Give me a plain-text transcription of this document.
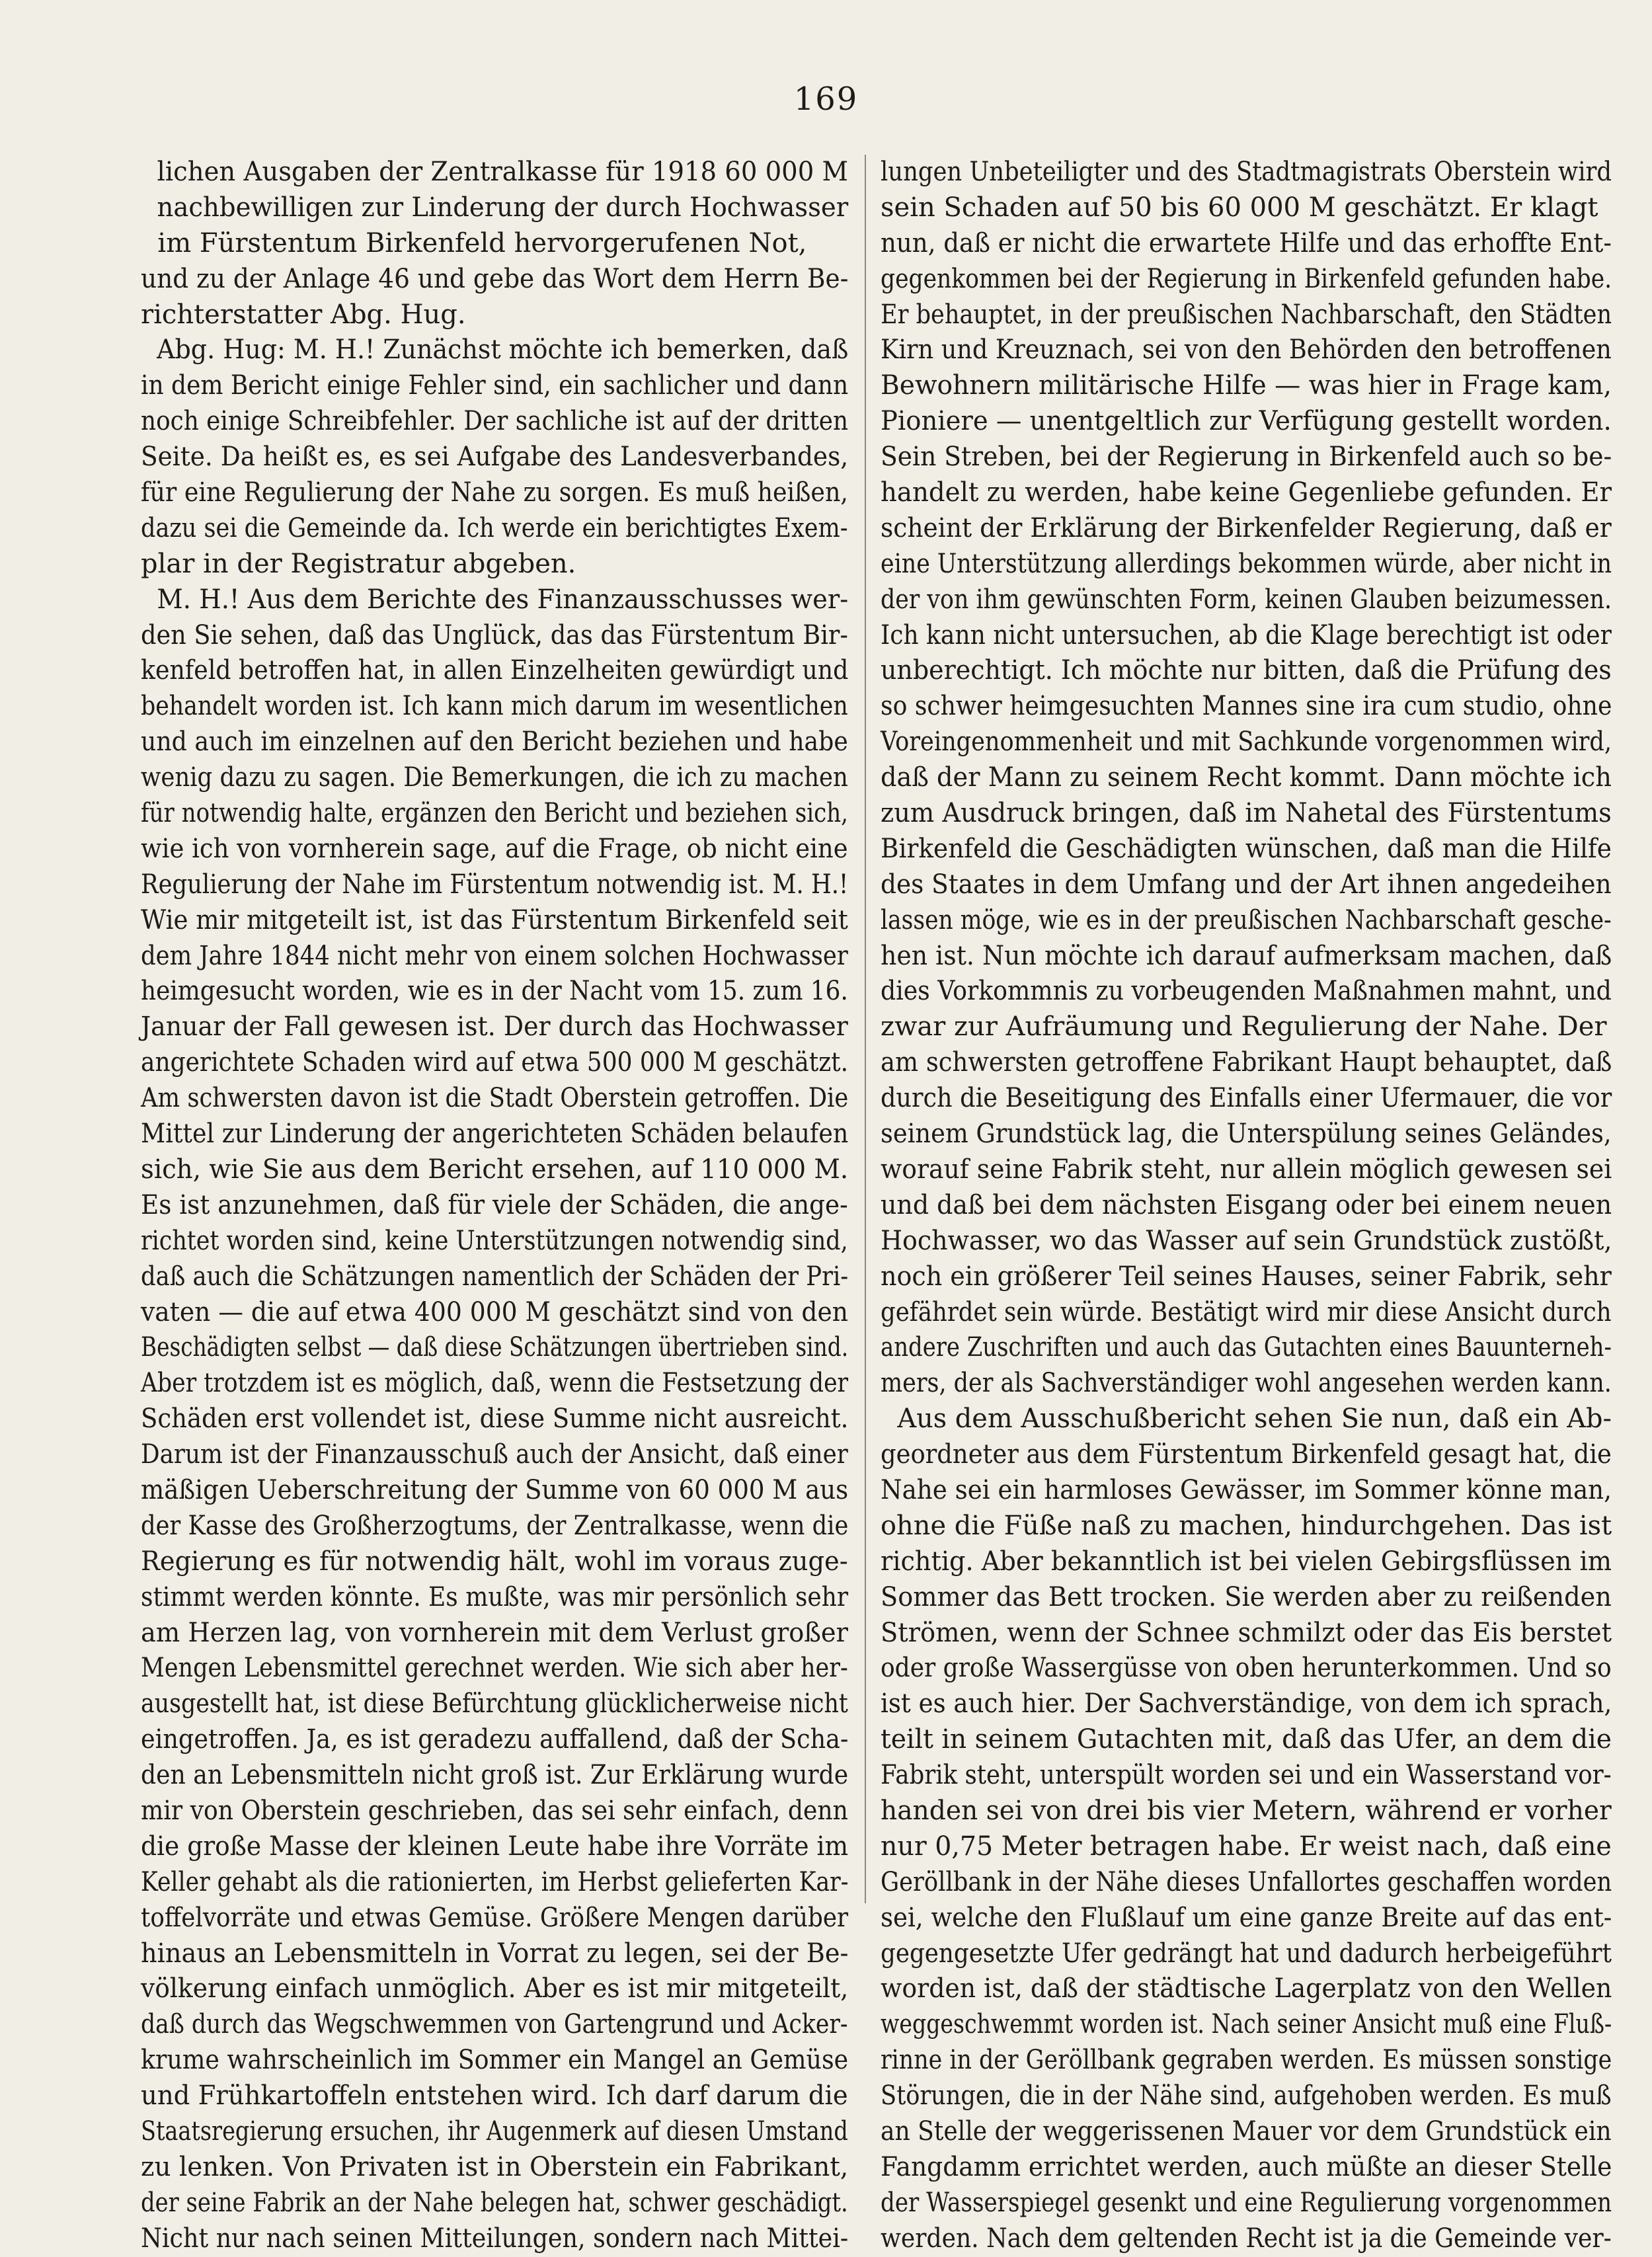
169
lichen Ausgaben der Zentralkasse für 1918 60 000 M
nachbewilligen zur Linderung der durch Hochwasser
im Fürstentum Birkenfeld hervorgerufenen Not,
und zu der Anlage 46 und gebe das Wort dem Herrn Be-
richterstatter Abg. Hug.
Abg. Hug: M. H.! Zunächst möchte ich bemerken, daß
in dem Bericht einige Fehler sind, ein sachlicher und dann
noch einige Schreibfehler. Der sachliche ist auf der dritten
Seite. Da heißt es, es sei Aufgabe des Landesverbandes,
für eine Regulierung der Nahe zu sorgen. Es muß heißen,
dazu sei die Gemeinde da. Ich werde ein berichtigtes Exem-
plar in der Registratur abgeben.
M. H.! Aus dem Berichte des Finanzausschusses wer-
den Sie sehen, daß das Unglück, das das Fürstentum Bir-
kenfeld betroffen hat, in allen Einzelheiten gewürdigt und
behandelt worden ist. Ich kann mich darum im wesentlichen
und auch im einzelnen auf den Bericht beziehen und habe
wenig dazu zu sagen. Die Bemerkungen, die ich zu machen
für notwendig halte, ergänzen den Bericht und beziehen sich,
wie ich von vornherein sage, auf die Frage, ob nicht eine
Regulierung der Nahe im Fürstentum notwendig ist. M. H.!
Wie mir mitgeteilt ist, ist das Fürstentum Birkenfeld seit
dem Jahre 1844 nicht mehr von einem solchen Hochwasser
heimgesucht worden, wie es in der Nacht vom 15. zum 16.
Januar der Fall gewesen ist. Der durch das Hochwasser
angerichtete Schaden wird auf etwa 500 000 M geschätzt.
Am schwersten davon ist die Stadt Oberstein getroffen. Die
Mittel zur Linderung der angerichteten Schäden belaufen
sich, wie Sie aus dem Bericht ersehen, auf 110 000 M.
Es ist anzunehmen, daß für viele der Schäden, die ange-
richtet worden sind, keine Unterstützungen notwendig sind,
daß auch die Schätzungen namentlich der Schäden der Pri-
vaten — die auf etwa 400 000 M geschätzt sind von den
Beschädigten selbst — daß diese Schätzungen übertrieben sind.
Aber trotzdem ist es möglich, daß, wenn die Festsetzung der
Schäden erst vollendet ist, diese Summe nicht ausreicht.
Darum ist der Finanzausschuß auch der Ansicht, daß einer
mäßigen Ueberschreitung der Summe von 60 000 M aus
der Kasse des Großherzogtums, der Zentralkasse, wenn die
Regierung es für notwendig hält, wohl im voraus zuge-
stimmt werden könnte. Es mußte, was mir persönlich sehr
am Herzen lag, von vornherein mit dem Verlust großer
Mengen Lebensmittel gerechnet werden. Wie sich aber her-
ausgestellt hat, ist diese Befürchtung glücklicherweise nicht
eingetroffen. Ja, es ist geradezu auffallend, daß der Scha-
den an Lebensmitteln nicht groß ist. Zur Erklärung wurde
mir von Oberstein geschrieben, das sei sehr einfach, denn
die große Masse der kleinen Leute habe ihre Vorräte im
Keller gehabt als die rationierten, im Herbst gelieferten Kar-
toffelvorräte und etwas Gemüse. Größere Mengen darüber
hinaus an Lebensmitteln in Vorrat zu legen, sei der Be-
völkerung einfach unmöglich. Aber es ist mir mitgeteilt,
daß durch das Wegschwemmen von Gartengrund und Acker-
krume wahrscheinlich im Sommer ein Mangel an Gemüse
und Frühkartoffeln entstehen wird. Ich darf darum die
Staatsregierung ersuchen, ihr Augenmerk auf diesen Umstand
zu lenken. Von Privaten ist in Oberstein ein Fabrikant,
der seine Fabrik an der Nahe belegen hat, schwer geschädigt.
Nicht nur nach seinen Mitteilungen, sondern nach Mittei-
lungen Unbeteiligter und des Stadtmagistrats Oberstein wird
sein Schaden auf 50 bis 60 000 M geschätzt. Er klagt
nun, daß er nicht die erwartete Hilfe und das erhoffte Ent-
gegenkommen bei der Regierung in Birkenfeld gefunden habe.
Er behauptet, in der preußischen Nachbarschaft, den Städten
Kirn und Kreuznach, sei von den Behörden den betroffenen
Bewohnern militärische Hilfe — was hier in Frage kam,
Pioniere — unentgeltlich zur Verfügung gestellt worden.
Sein Streben, bei der Regierung in Birkenfeld auch so be-
handelt zu werden, habe keine Gegenliebe gefunden. Er
scheint der Erklärung der Birkenfelder Regierung, daß er
eine Unterstützung allerdings bekommen würde, aber nicht in
der von ihm gewünschten Form, keinen Glauben beizumessen.
Ich kann nicht untersuchen, ab die Klage berechtigt ist oder
unberechtigt. Ich möchte nur bitten, daß die Prüfung des
so schwer heimgesuchten Mannes sine ira cum studio, ohne
Voreingenommenheit und mit Sachkunde vorgenommen wird,
daß der Mann zu seinem Recht kommt. Dann möchte ich
zum Ausdruck bringen, daß im Nahetal des Fürstentums
Birkenfeld die Geschädigten wünschen, daß man die Hilfe
des Staates in dem Umfang und der Art ihnen angedeihen
lassen möge, wie es in der preußischen Nachbarschaft gesche-
hen ist. Nun möchte ich darauf aufmerksam machen, daß
dies Vorkommnis zu vorbeugenden Maßnahmen mahnt, und
zwar zur Aufräumung und Regulierung der Nahe. Der
am schwersten getroffene Fabrikant Haupt behauptet, daß
durch die Beseitigung des Einfalls einer Ufermauer, die vor
seinem Grundstück lag, die Unterspülung seines Geländes,
worauf seine Fabrik steht, nur allein möglich gewesen sei
und daß bei dem nächsten Eisgang oder bei einem neuen
Hochwasser, wo das Wasser auf sein Grundstück zustößt,
noch ein größerer Teil seines Hauses, seiner Fabrik, sehr
gefährdet sein würde. Bestätigt wird mir diese Ansicht durch
andere Zuschriften und auch das Gutachten eines Bauunterneh-
mers, der als Sachverständiger wohl angesehen werden kann.
Aus dem Ausschußbericht sehen Sie nun, daß ein Ab-
geordneter aus dem Fürstentum Birkenfeld gesagt hat, die
Nahe sei ein harmloses Gewässer, im Sommer könne man,
ohne die Füße naß zu machen, hindurchgehen. Das ist
richtig. Aber bekanntlich ist bei vielen Gebirgsflüssen im
Sommer das Bett trocken. Sie werden aber zu reißenden
Strömen, wenn der Schnee schmilzt oder das Eis berstet
oder große Wassergüsse von oben herunterkommen. Und so
ist es auch hier. Der Sachverständige, von dem ich sprach,
teilt in seinem Gutachten mit, daß das Ufer, an dem die
Fabrik steht, unterspült worden sei und ein Wasserstand vor-
handen sei von drei bis vier Metern, während er vorher
nur 0,75 Meter betragen habe. Er weist nach, daß eine
Geröllbank in der Nähe dieses Unfallortes geschaffen worden
sei, welche den Flußlauf um eine ganze Breite auf das ent-
gegengesetzte Ufer gedrängt hat und dadurch herbeigeführt
worden ist, daß der städtische Lagerplatz von den Wellen
weggeschwemmt worden ist. Nach seiner Ansicht muß eine Fluß-
rinne in der Geröllbank gegraben werden. Es müssen sonstige
Störungen, die in der Nähe sind, aufgehoben werden. Es muß
an Stelle der weggerissenen Mauer vor dem Grundstück ein
Fangdamm errichtet werden, auch müßte an dieser Stelle
der Wasserspiegel gesenkt und eine Regulierung vorgenommen
werden. Nach dem geltenden Recht ist ja die Gemeinde ver-
